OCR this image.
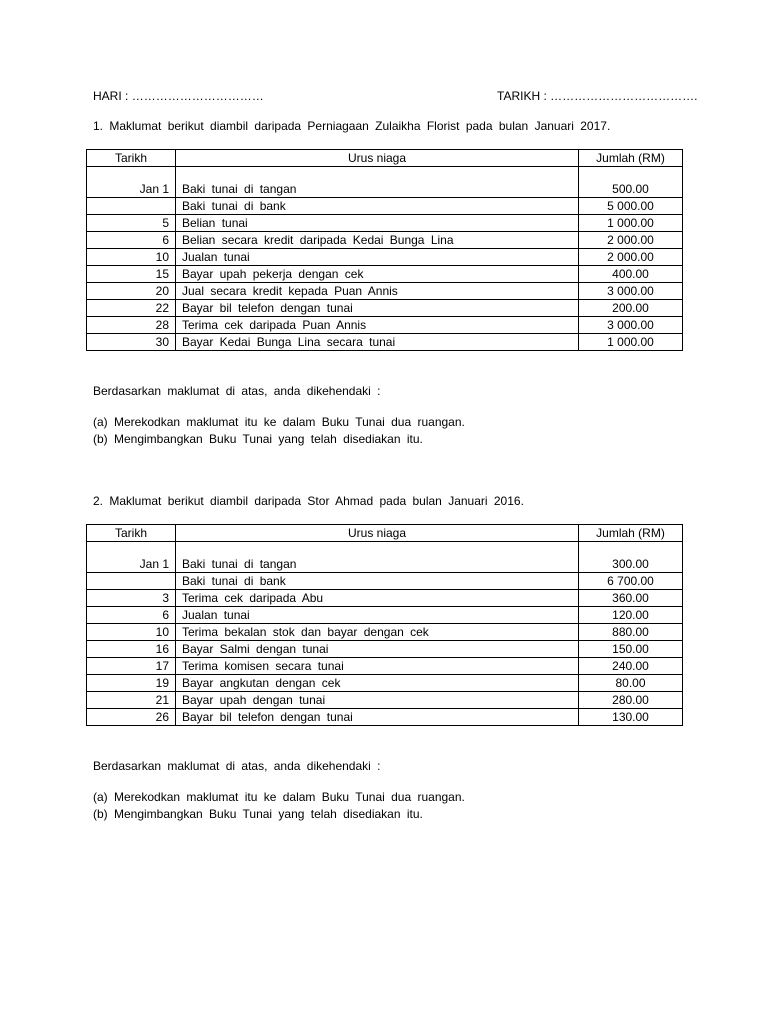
HARI : ……………………………	TARIKH : ……………………………….
1. Maklumat berikut diambil daripada Perniagaan Zulaikha Florist pada bulan Januari 2017.
Tarikh	Urus niaga	Jumlah (RM)

Jan 1	Baki tunai di tangan	500.00
	Baki tunai di bank	5 000.00
5	Belian tunai	1 000.00
6	Belian secara kredit daripada Kedai Bunga Lina	2 000.00
10	Jualan tunai	2 000.00
15	Bayar upah pekerja dengan cek	400.00
20	Jual secara kredit kepada Puan Annis	3 000.00
22	Bayar bil telefon dengan tunai	200.00
28	Terima cek daripada Puan Annis	3 000.00
30	Bayar Kedai Bunga Lina secara tunai	1 000.00
Berdasarkan maklumat di atas, anda dikehendaki :
(a) Merekodkan maklumat itu ke dalam Buku Tunai dua ruangan.
(b) Mengimbangkan Buku Tunai yang telah disediakan itu.
2. Maklumat berikut diambil daripada Stor Ahmad pada bulan Januari 2016.
Tarikh	Urus niaga	Jumlah (RM)

Jan 1	Baki tunai di tangan	300.00
	Baki tunai di bank	6 700.00
3	Terima cek daripada Abu	360.00
6	Jualan tunai	120.00
10	Terima bekalan stok dan bayar dengan cek	880.00
16	Bayar Salmi dengan tunai	150.00
17	Terima komisen secara tunai	240.00
19	Bayar angkutan dengan cek	80.00
21	Bayar upah dengan tunai	280.00
26	Bayar bil telefon dengan tunai	130.00
Berdasarkan maklumat di atas, anda dikehendaki :
(a) Merekodkan maklumat itu ke dalam Buku Tunai dua ruangan.
(b) Mengimbangkan Buku Tunai yang telah disediakan itu.
